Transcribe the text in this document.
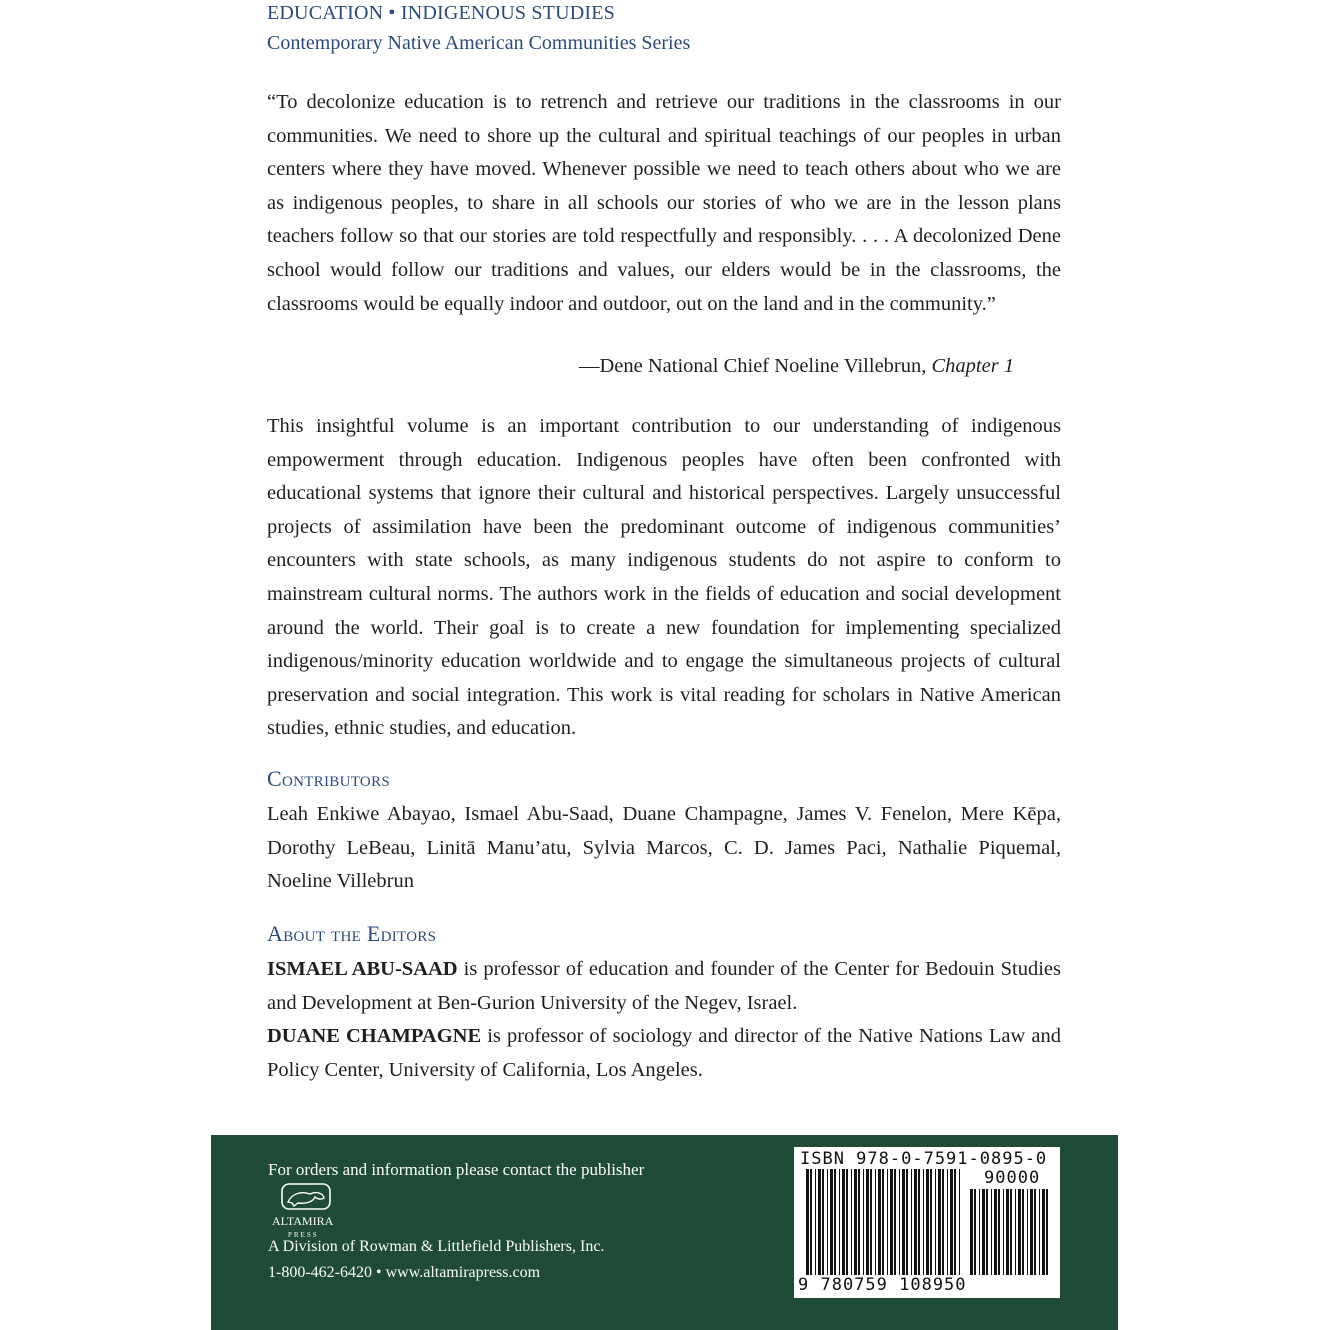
EDUCATION • INDIGENOUS STUDIES
Contemporary Native American Communities Series
“To decolonize education is to retrench and retrieve our traditions in the classrooms in our communities. We need to shore up the cultural and spiritual teachings of our peoples in urban centers where they have moved. Whenever possible we need to teach others about who we are as indigenous peoples, to share in all schools our stories of who we are in the lesson plans teachers follow so that our stories are told respectfully and responsibly. . . . A decolonized Dene school would follow our traditions and values, our elders would be in the classrooms, the classrooms would be equally indoor and outdoor, out on the land and in the community.”
—Dene National Chief Noeline Villebrun, Chapter 1
This insightful volume is an important contribution to our understanding of indigenous empowerment through education. Indigenous peoples have often been confronted with educational systems that ignore their cultural and historical perspectives. Largely unsuccessful projects of assimilation have been the predominant outcome of indigenous communities’ encounters with state schools, as many indigenous students do not aspire to conform to mainstream cultural norms. The authors work in the fields of education and social development around the world. Their goal is to create a new foundation for implementing specialized indigenous/minority education worldwide and to engage the simultaneous projects of cultural preservation and social integration. This work is vital reading for scholars in Native American studies, ethnic studies, and education.
Contributors
Leah Enkiwe Abayao, Ismael Abu-Saad, Duane Champagne, James V. Fenelon, Mere Kēpa, Dorothy LeBeau, Linitā Manu’atu, Sylvia Marcos, C. D. James Paci, Nathalie Piquemal, Noeline Villebrun
About the Editors
ISMAEL ABU-SAAD is professor of education and founder of the Center for Bedouin Studies and Development at Ben-Gurion University of the Negev, Israel.
DUANE CHAMPAGNE is professor of sociology and director of the Native Nations Law and Policy Center, University of California, Los Angeles.
For orders and information please contact the publisher
ALTAMIRA
PRESS
A Division of Rowman & Littlefield Publishers, Inc.
1-800-462-6420 • www.altamirapress.com
ISBN 978-0-7591-0895-0
90000
9 780759 108950
